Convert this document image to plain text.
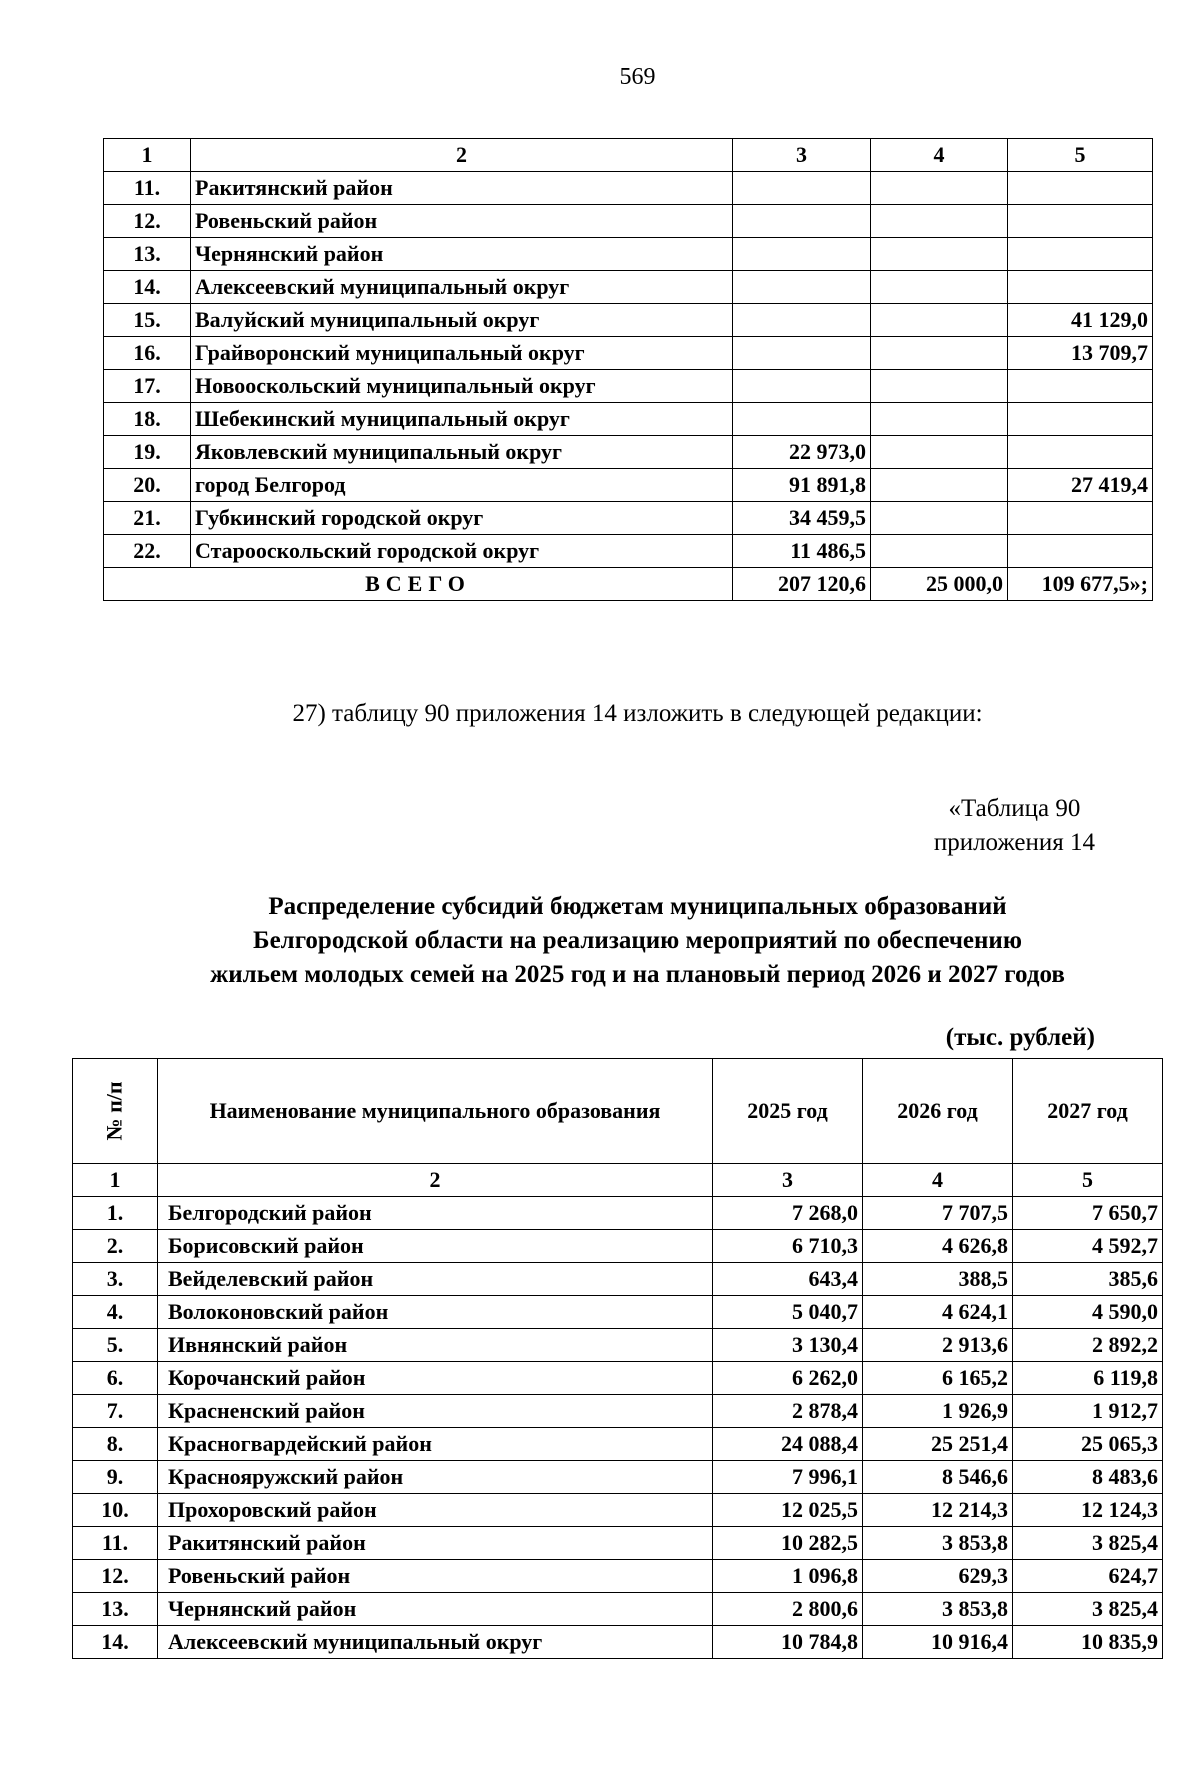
569
1	2	3	4	5
11.	Ракитянский район			
12.	Ровеньский район			
13.	Чернянский район			
14.	Алексеевский муниципальный округ			
15.	Валуйский муниципальный округ			41 129,0
16.	Грайворонский муниципальный округ			13 709,7
17.	Новооскольский муниципальный округ			
18.	Шебекинский муниципальный округ			
19.	Яковлевский муниципальный округ	22 973,0		
20.	город Белгород	91 891,8		27 419,4
21.	Губкинский городской округ	34 459,5		
22.	Старооскольский городской округ	11 486,5		
ВСЕГО		207 120,6	25 000,0	109 677,5»;
27) таблицу 90 приложения 14 изложить в следующей редакции:
«Таблица 90
приложения 14
Распределение субсидий бюджетам муниципальных образований
Белгородской области на реализацию мероприятий по обеспечению
жильем молодых семей на 2025 год и на плановый период 2026 и 2027 годов
(тыс. рублей)
№ п/п	Наименование муниципального образования	2025 год	2026 год	2027 год
1	2	3	4	5
1.	Белгородский район	7 268,0	7 707,5	7 650,7
2.	Борисовский район	6 710,3	4 626,8	4 592,7
3.	Вейделевский район	643,4	388,5	385,6
4.	Волоконовский район	5 040,7	4 624,1	4 590,0
5.	Ивнянский район	3 130,4	2 913,6	2 892,2
6.	Корочанский район	6 262,0	6 165,2	6 119,8
7.	Красненский район	2 878,4	1 926,9	1 912,7
8.	Красногвардейский район	24 088,4	25 251,4	25 065,3
9.	Краснояружский район	7 996,1	8 546,6	8 483,6
10.	Прохоровский район	12 025,5	12 214,3	12 124,3
11.	Ракитянский район	10 282,5	3 853,8	3 825,4
12.	Ровеньский район	1 096,8	629,3	624,7
13.	Чернянский район	2 800,6	3 853,8	3 825,4
14.	Алексеевский муниципальный округ	10 784,8	10 916,4	10 835,9
